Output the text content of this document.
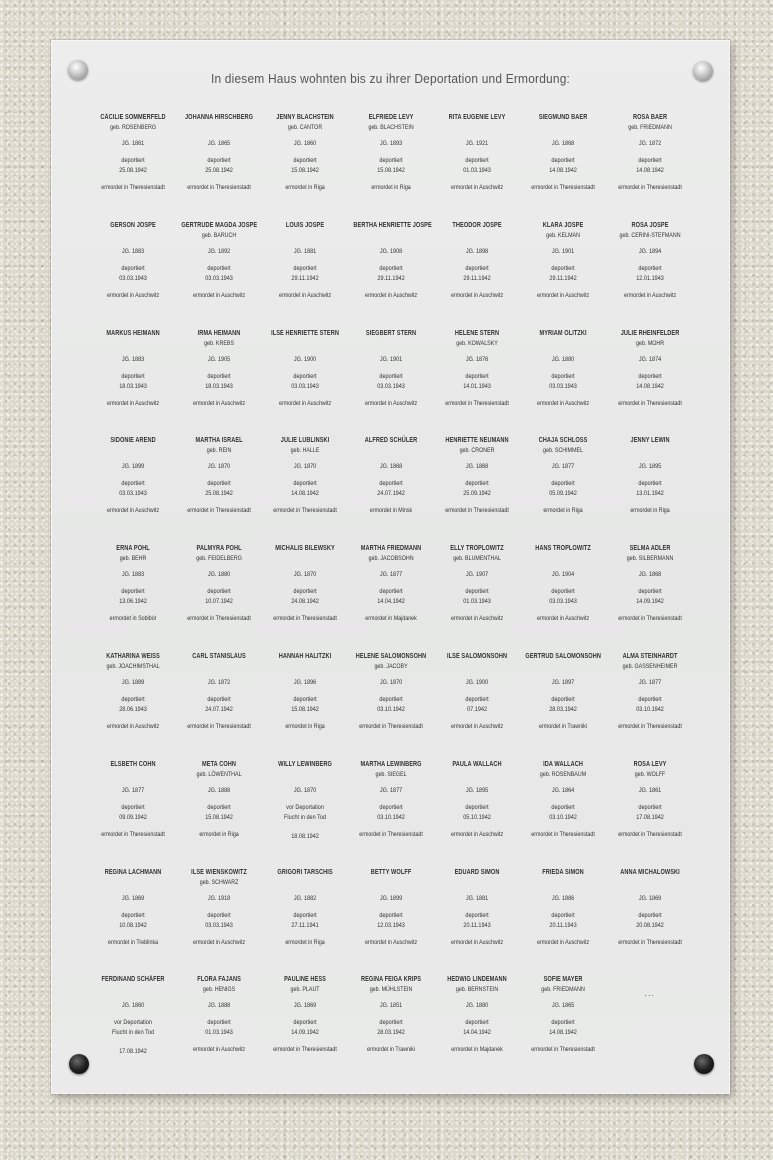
In diesem Haus wohnten bis zu ihrer Deportation und Ermordung:
CÄCILIE SOMMERFELD
geb. ROSENBERG
JG. 1861
deportiert
25.08.1942
ermordet in Theresienstadt
JOHANNA HIRSCHBERG
JG. 1865
deportiert
25.08.1942
ermordet in Theresienstadt
JENNY BLACHSTEIN
geb. CANTOR
JG. 1860
deportiert
15.08.1942
ermordet in Riga
ELFRIEDE LEVY
geb. BLACHSTEIN
JG. 1893
deportiert
15.08.1942
ermordet in Riga
RITA EUGENIE LEVY
JG. 1921
deportiert
01.03.1943
ermordet in Auschwitz
SIEGMUND BAER
JG. 1868
deportiert
14.08.1942
ermordet in Theresienstadt
ROSA BAER
geb. FRIEDMANN
JG. 1872
deportiert
14.08.1942
ermordet in Theresienstadt
GERSON JOSPE
JG. 1883
deportiert
03.03.1943
ermordet in Auschwitz
GERTRUDE MAGDA JOSPE
geb. BARUCH
JG. 1892
deportiert
03.03.1943
ermordet in Auschwitz
LOUIS JOSPE
JG. 1881
deportiert
29.11.1942
ermordet in Auschwitz
BERTHA HENRIETTE JOSPE
JG. 1908
deportiert
29.11.1942
ermordet in Auschwitz
THEODOR JOSPE
JG. 1898
deportiert
29.11.1942
ermordet in Auschwitz
KLARA JOSPE
geb. KELMAN
JG. 1901
deportiert
29.11.1942
ermordet in Auschwitz
ROSA JOSPE
geb. CERINI-STEFMANN
JG. 1894
deportiert
12.01.1943
ermordet in Auschwitz
MARKUS HEIMANN
JG. 1883
deportiert
18.03.1943
ermordet in Auschwitz
IRMA HEIMANN
geb. KREBS
JG. 1905
deportiert
18.03.1943
ermordet in Auschwitz
ILSE HENRIETTE STERN
JG. 1900
deportiert
03.03.1943
ermordet in Auschwitz
SIEGBERT STERN
JG. 1901
deportiert
03.03.1943
ermordet in Auschwitz
HELENE STERN
geb. KOWALSKY
JG. 1876
deportiert
14.01.1943
ermordet in Theresienstadt
MYRIAM OLITZKI
JG. 1880
deportiert
03.03.1943
ermordet in Auschwitz
JULIE RHEINFELDER
geb. MOHR
JG. 1874
deportiert
14.08.1942
ermordet in Theresienstadt
SIDONIE AREND
JG. 1899
deportiert
03.03.1943
ermordet in Auschwitz
MARTHA ISRAEL
geb. REIN
JG. 1870
deportiert
25.08.1942
ermordet in Theresienstadt
JULIE LUBLINSKI
geb. HALLE
JG. 1870
deportiert
14.08.1942
ermordet in Theresienstadt
ALFRED SCHÜLER
JG. 1868
deportiert
24.07.1942
ermordet in Minsk
HENRIETTE NEUMANN
geb. CRONER
JG. 1868
deportiert
25.09.1942
ermordet in Theresienstadt
CHAJA SCHLOSS
geb. SCHIMMEL
JG. 1877
deportiert
05.09.1942
ermordet in Riga
JENNY LEWIN
JG. 1895
deportiert
13.01.1942
ermordet in Riga
ERNA POHL
geb. BEHR
JG. 1883
deportiert
13.06.1942
ermordet in Sobibór
PALMYRA POHL
geb. FEIDELBERG
JG. 1880
deportiert
10.07.1942
ermordet in Theresienstadt
MICHALIS BILEWSKY
JG. 1870
deportiert
24.08.1942
ermordet in Theresienstadt
MARTHA FRIEDMANN
geb. JACOBSOHN
JG. 1877
deportiert
14.04.1942
ermordet in Majdanek
ELLY TROPLOWITZ
geb. BLUMENTHAL
JG. 1907
deportiert
01.03.1943
ermordet in Auschwitz
HANS TROPLOWITZ
JG. 1904
deportiert
03.03.1943
ermordet in Auschwitz
SELMA ADLER
geb. SILBERMANN
JG. 1868
deportiert
14.09.1942
ermordet in Theresienstadt
KATHARINA WEISS
geb. JOACHIMSTHAL
JG. 1889
deportiert
28.06.1943
ermordet in Auschwitz
CARL STANISLAUS
JG. 1872
deportiert
24.07.1942
ermordet in Theresienstadt
HANNAH HALITZKI
JG. 1896
deportiert
15.08.1942
ermordet in Riga
HELENE SALOMONSOHN
geb. JACOBY
JG. 1870
deportiert
03.10.1942
ermordet in Theresienstadt
ILSE SALOMONSOHN
JG. 1900
deportiert
07.1942
ermordet in Auschwitz
GERTRUD SALOMONSOHN
JG. 1897
deportiert
28.03.1942
ermordet in Trawniki
ALMA STEINHARDT
geb. GASSENHEIMER
JG. 1877
deportiert
03.10.1942
ermordet in Theresienstadt
ELSBETH COHN
JG. 1877
deportiert
09.09.1942
ermordet in Theresienstadt
META COHN
geb. LÖWENTHAL
JG. 1888
deportiert
15.08.1942
ermordet in Riga
WILLY LEWINBERG
JG. 1870
vor Deportation
Flucht in den Tod
18.08.1942
MARTHA LEWINBERG
geb. SIEGEL
JG. 1877
deportiert
03.10.1942
ermordet in Theresienstadt
PAULA WALLACH
JG. 1895
deportiert
05.10.1942
ermordet in Auschwitz
IDA WALLACH
geb. ROSENBAUM
JG. 1864
deportiert
03.10.1942
ermordet in Theresienstadt
ROSA LEVY
geb. WOLFF
JG. 1861
deportiert
17.08.1942
ermordet in Theresienstadt
REGINA LACHMANN
JG. 1869
deportiert
10.08.1942
ermordet in Treblinka
ILSE WIENSKOWITZ
geb. SCHWARZ
JG. 1918
deportiert
03.03.1943
ermordet in Auschwitz
GRIGORI TARSCHIS
JG. 1882
deportiert
27.11.1941
ermordet in Riga
BETTY WOLFF
JG. 1899
deportiert
12.03.1943
ermordet in Auschwitz
EDUARD SIMON
JG. 1881
deportiert
20.11.1943
ermordet in Auschwitz
FRIEDA SIMON
JG. 1886
deportiert
20.11.1943
ermordet in Auschwitz
ANNA MICHALOWSKI
JG. 1869
deportiert
20.08.1942
ermordet in Theresienstadt
FERDINAND SCHÄFER
JG. 1860
vor Deportation
Flucht in den Tod
17.08.1942
FLORA FAJANS
geb. HENIGS
JG. 1888
deportiert
01.03.1943
ermordet in Auschwitz
PAULINE HESS
geb. PLAUT
JG. 1869
deportiert
14.09.1942
ermordet in Theresienstadt
REGINA FEIGA KRIPS
geb. MÜHLSTEIN
JG. 1851
deportiert
28.03.1942
ermordet in Trawniki
HEDWIG LINDEMANN
geb. BERNSTEIN
JG. 1880
deportiert
14.04.1942
ermordet in Majdanek
SOFIE MAYER
geb. FRIEDMANN
JG. 1865
deportiert
14.08.1942
ermordet in Theresienstadt
...
